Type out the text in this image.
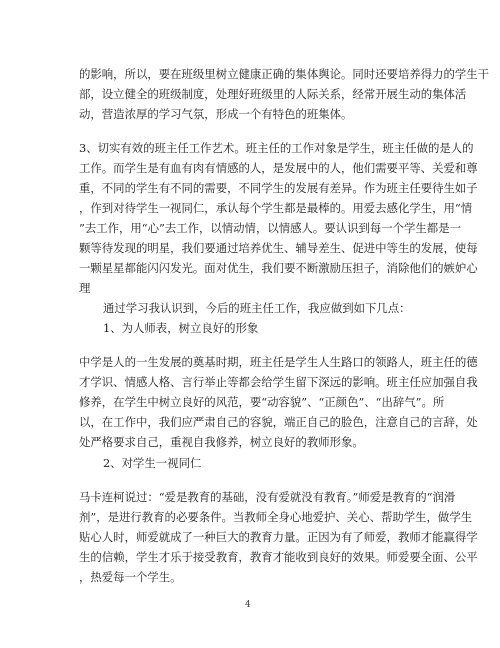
的影响，所以，要在班级里树立健康正确的集体舆论。同时还要培养得力的学生干
部，设立健全的班级制度，处理好班级里的人际关系，经常开展生动的集体活
动，营造浓厚的学习气氛，形成一个有特色的班集体。
3、切实有效的班主任工作艺术。班主任的工作对象是学生，班主任做的是人的
工作。而学生是有血有肉有情感的人，是发展中的人，他们需要平等、关爱和尊
重，不同的学生有不同的需要，不同学生的发展有差异。作为班主任要待生如子
，作到对待学生一视同仁，承认每个学生都是最棒的。用爱去感化学生，用“情
”去工作，用“心”去工作，以情动情，以情感人。要认识到每一个学生都是一
颗等待发现的明星，我们要通过培养优生、辅导差生、促进中等生的发展，使每
一颗星星都能闪闪发光。面对优生，我们要不断激励压担子，消除他们的嫉妒心
理
通过学习我认识到，今后的班主任工作，我应做到如下几点：
1、为人师表，树立良好的形象
中学是人的一生发展的奠基时期，班主任是学生人生路口的领路人，班主任的德
才学识、情感人格、言行举止等都会给学生留下深远的影响。班主任应加强自我
修养，在学生中树立良好的风范，要“动容貌”、“正颜色”、“出辞气”。所
以，在工作中，我们应严肃自己的容貌，端正自己的脸色，注意自己的言辞，处
处严格要求自己，重视自我修养，树立良好的教师形象。
2、对学生一视同仁
马卡连柯说过：“爱是教育的基础，没有爱就没有教育。”师爱是教育的“润滑
剂”，是进行教育的必要条件。当教师全身心地爱护、关心、帮助学生，做学生
贴心人时，师爱就成了一种巨大的教育力量。正因为有了师爱，教师才能赢得学
生的信赖，学生才乐于接受教育，教育才能收到良好的效果。师爱要全面、公平
，热爱每一个学生。
4
